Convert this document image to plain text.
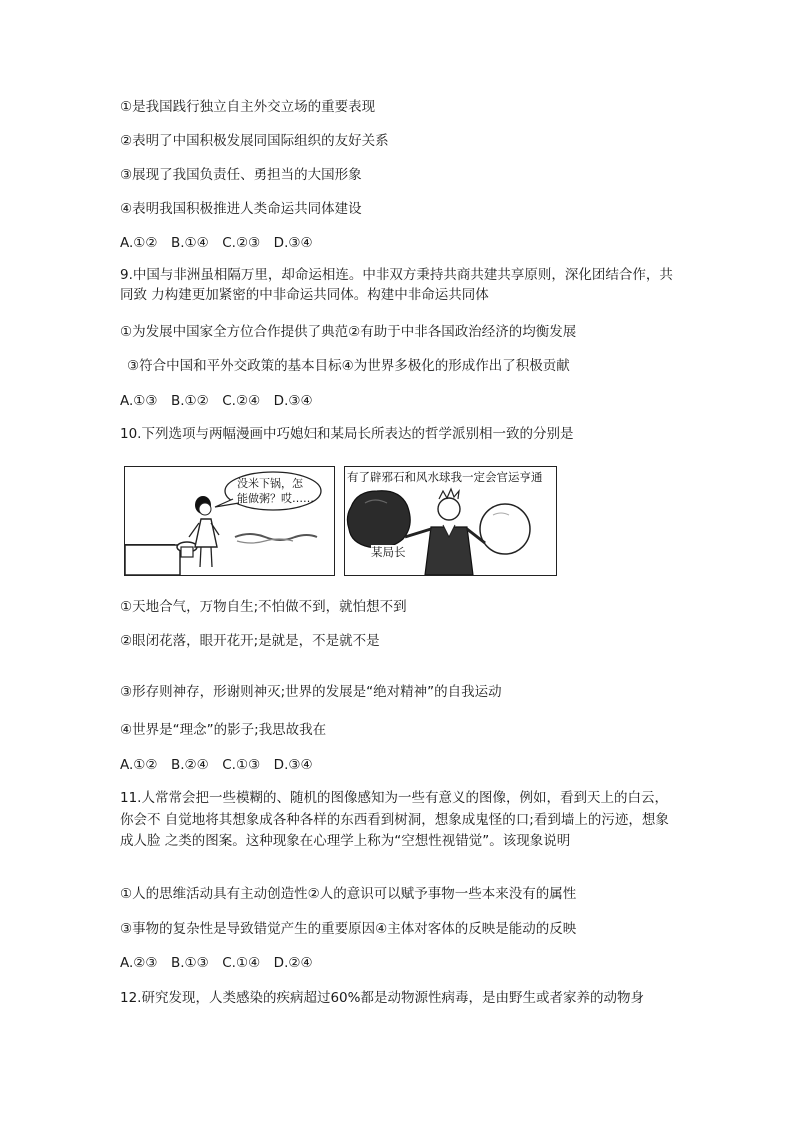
①是我国践行独立自主外交立场的重要表现
②表明了中国积极发展同国际组织的友好关系
③展现了我国负责任、勇担当的大国形象
④表明我国积极推进人类命运共同体建设
A.①②　B.①④　C.②③　D.③④
9.中国与非洲虽相隔万里，却命运相连。中非双方秉持共商共建共享原则，深化团结合作，共同致 力构建更加紧密的中非命运共同体。构建中非命运共同体
①为发展中国家全方位合作提供了典范②有助于中非各国政治经济的均衡发展
③符合中国和平外交政策的基本目标④为世界多极化的形成作出了积极贡献
A.①③　B.①②　C.②④　D.③④
10.下列选项与两幅漫画中巧媳妇和某局长所表达的哲学派别相一致的分别是
没米下锅，怎
能做粥？哎……
有了辟邪石和风水球我一定会官运亨通
某局长
①天地合气，万物自生;不怕做不到，就怕想不到
②眼闭花落，眼开花开;是就是，不是就不是
③形存则神存，形谢则神灭;世界的发展是“绝对精神”的自我运动
④世界是“理念”的影子;我思故我在
A.①②　B.②④　C.①③　D.③④
11.人常常会把一些模糊的、随机的图像感知为一些有意义的图像，例如，看到天上的白云，你会不 自觉地将其想象成各种各样的东西看到树洞，想象成鬼怪的口;看到墙上的污迹，想象成人脸 之类的图案。这种现象在心理学上称为“空想性视错觉”。该现象说明
①人的思维活动具有主动创造性②人的意识可以赋予事物一些本来没有的属性
③事物的复杂性是导致错觉产生的重要原因④主体对客体的反映是能动的反映
A.②③　B.①③　C.①④　D.②④
12.研究发现，人类感染的疾病超过60%都是动物源性病毒，是由野生或者家养的动物身
